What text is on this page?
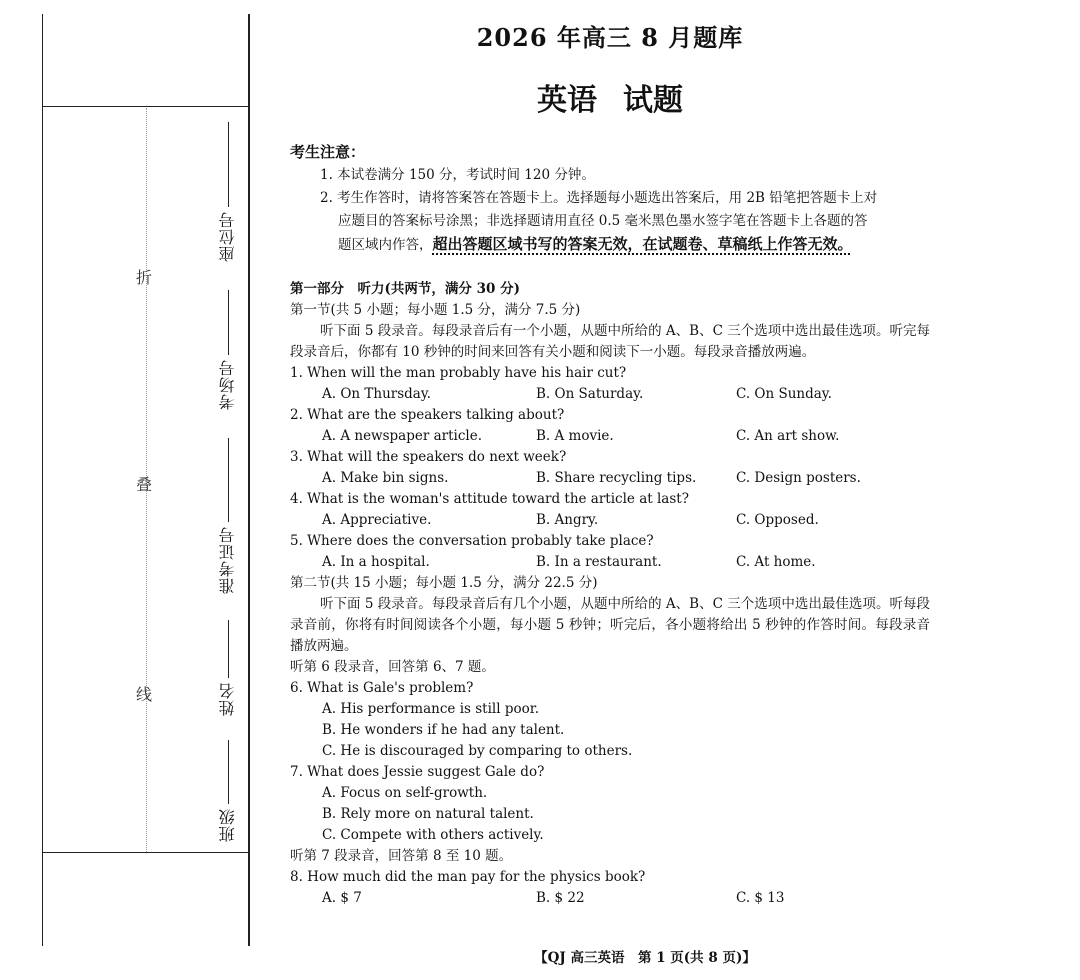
折
叠
线
座位号
考场号
准考证号
姓名
班级
2026 年高三 8 月题库
英语 试题

考生注意：

1. 本试卷满分 150 分，考试时间 120 分钟。

2. 考生作答时，请将答案答在答题卡上。选择题每小题选出答案后，用 2B 铅笔把答题卡上对

应题目的答案标号涂黑；非选择题请用直径 0.5 毫米黑色墨水签字笔在答题卡上各题的答

题区域内作答，超出答题区域书写的答案无效，在试题卷、草稿纸上作答无效。

第一部分　听力(共两节，满分 30 分)

第一节(共 5 小题；每小题 1.5 分，满分 7.5 分)

听下面 5 段录音。每段录音后有一个小题，从题中所给的 A、B、C 三个选项中选出最佳选项。听完每段录音后，你都有 10 秒钟的时间来回答有关小题和阅读下一小题。每段录音播放两遍。

1. When will the man probably have his hair cut?

A. On Thursday.	B. On Saturday.	C. On Sunday.

2. What are the speakers talking about?

A. A newspaper article.	B. A movie.	C. An art show.

3. What will the speakers do next week?

A. Make bin signs.	B. Share recycling tips.	C. Design posters.

4. What is the woman's attitude toward the article at last?

A. Appreciative.	B. Angry.	C. Opposed.

5. Where does the conversation probably take place?

A. In a hospital.	B. In a restaurant.	C. At home.

第二节(共 15 小题；每小题 1.5 分，满分 22.5 分)

听下面 5 段录音。每段录音后有几个小题，从题中所给的 A、B、C 三个选项中选出最佳选项。听每段录音前，你将有时间阅读各个小题，每小题 5 秒钟；听完后，各小题将给出 5 秒钟的作答时间。每段录音播放两遍。

听第 6 段录音，回答第 6、7 题。

6. What is Gale's problem?

A. His performance is still poor.

B. He wonders if he had any talent.

C. He is discouraged by comparing to others.

7. What does Jessie suggest Gale do?

A. Focus on self-growth.

B. Rely more on natural talent.

C. Compete with others actively.

听第 7 段录音，回答第 8 至 10 题。

8. How much did the man pay for the physics book?

A. $ 7	B. $ 22	C. $ 13
【QJ 高三英语　第 1 页(共 8 页)】
